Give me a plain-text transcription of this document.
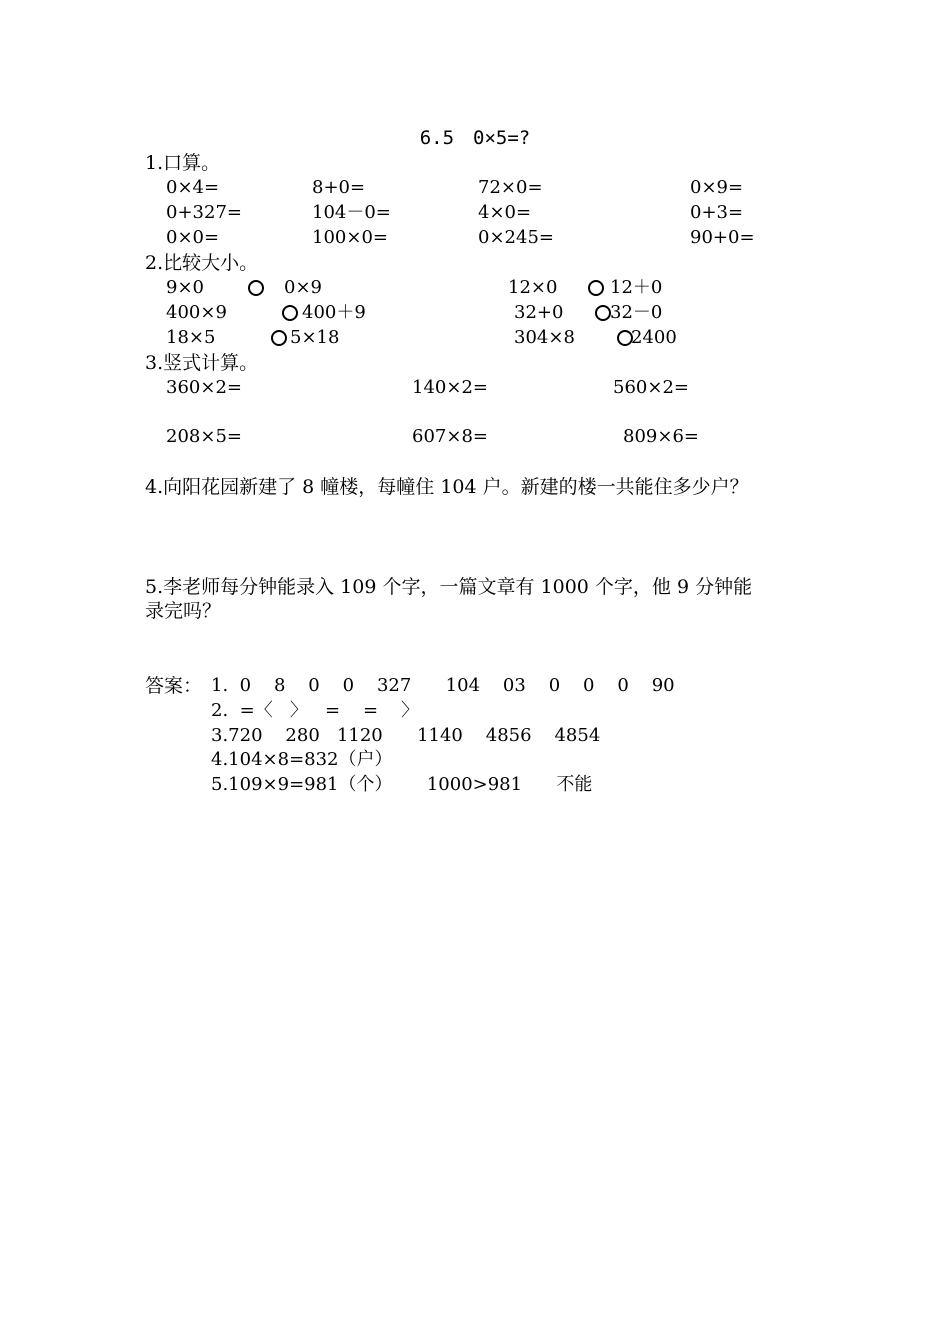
6.5　0×5=?
1.口算。
0×4=	8+0=	72×0=	0×9=
0+327=	104－0=	4×0=	0+3=
0×0=	100×0=	0×245=	90+0=
2.比较大小。
9×0	0×9	12×0	12＋0
400×9	400＋9	32+0	32－0
18×5	5×18	304×8	2400
3.竖式计算。
360×2=	140×2=	560×2=
208×5=	607×8=	809×6=
4.向阳花园新建了 8 幢楼，每幢住 104 户。新建的楼一共能住多少户？
5.李老师每分钟能录入 109 个字，一篇文章有 1000 个字，他 9 分钟能
录完吗？
答案： 1.  0    8    0    0    327      104    03    0    0    0    90
2.  =〈   〉   =    =    〉
3.720    280   1120      1140    4856    4854
4.104×8=832（户）
5.109×9=981（个）      1000>981      不能
